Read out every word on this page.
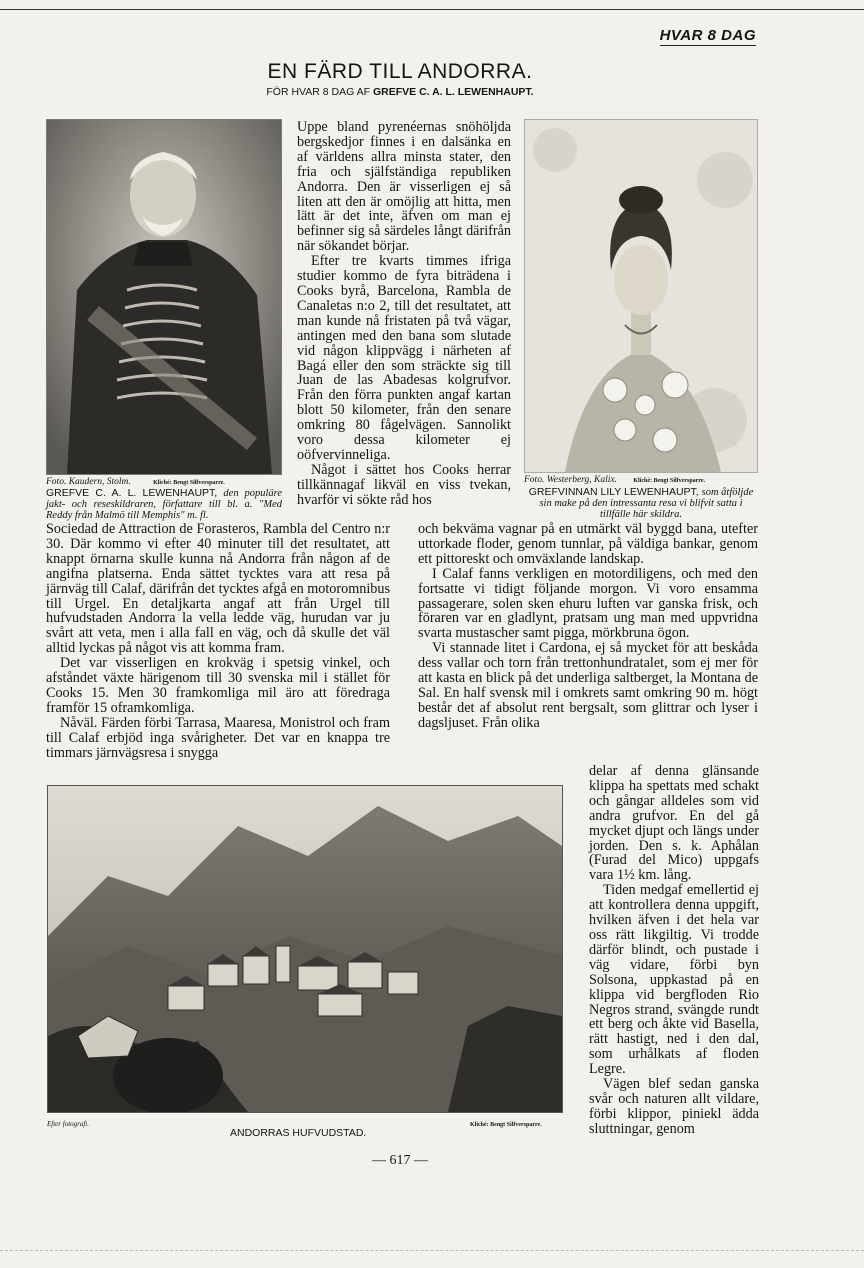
HVAR 8 DAG
EN FÄRD TILL ANDORRA.
FÖR HVAR 8 DAG AF GREFVE C. A. L. LEWENHAUPT.
Foto. Kaudern, Stolm.	Kliché: Bengt Silfversparre.
GREFVE C. A. L. LEWENHAUPT, den populäre jakt- och reseskildraren, författare till bl. a. "Med Reddy från Malmö till Memphis" m. fl.
Foto. Westerberg, Kalix.	Kliché: Bengt Silfversparre.
GREFVINNAN LILY LEWENHAUPT, som åtföljde sin make på den intressanta resa vi blifvit satta i tillfälle här skildra.

Uppe bland pyrenéernas snöhöljda bergskedjor finnes i en dalsänka en af världens allra minsta stater, den fria och själfständiga republiken Andorra. Den är visserligen ej så liten att den är omöjlig att hitta, men lätt är det inte, äfven om man ej befinner sig så särdeles långt därifrån när sökandet börjar.

Efter tre kvarts timmes ifriga studier kommo de fyra biträdena i Cooks byrå, Barcelona, Rambla de Canaletas n:o 2, till det resultatet, att man kunde nå fristaten på två vägar, antingen med den bana som slutade vid någon klippvägg i närheten af Bagá eller den som sträckte sig till Juan de las Abadesas kolgrufvor. Från den förra punkten angaf kartan blott 50 kilometer, från den senare omkring 80 fågelvägen. Sannolikt voro dessa kilometer ej oöfvervinneliga.

Något i sättet hos Cooks herrar tillkännagaf likväl en viss tvekan, hvarför vi sökte råd hos

Sociedad de Attraction de Forasteros, Rambla del Centro n:r 30. Där kommo vi efter 40 minuter till det resultatet, att knappt örnarna skulle kunna nå Andorra från någon af de angifna platserna. Enda sättet tycktes vara att resa på järnväg till Calaf, därifrån det tycktes afgå en motoromnibus till Urgel. En detaljkarta angaf att från Urgel till hufvudstaden Andorra la vella ledde väg, hurudan var ju svårt att veta, men i alla fall en väg, och då skulle det väl alltid lyckas på något vis att komma fram.

Det var visserligen en krokväg i spetsig vinkel, och afståndet växte härigenom till 30 svenska mil i stället för Cooks 15. Men 30 framkomliga mil äro att föredraga framför 15 oframkomliga.

Nåväl. Färden förbi Tarrasa, Maaresa, Monistrol och fram till Calaf erbjöd inga svårigheter. Det var en knappa tre timmars järnvägsresa i snygga

och bekväma vagnar på en utmärkt väl byggd bana, utefter uttorkade floder, genom tunnlar, på väldiga bankar, genom ett pittoreskt och omväxlande landskap.

I Calaf fanns verkligen en motordiligens, och med den fortsatte vi tidigt följande morgon. Vi voro ensamma passagerare, solen sken ehuru luften var ganska frisk, och föraren var en gladlynt, pratsam ung man med uppvridna svarta mustascher samt pigga, mörkbruna ögon.

Vi stannade litet i Cardona, ej så mycket för att beskåda dess vallar och torn från trettonhundratalet, som ej mer för att kasta en blick på det underliga saltberget, la Montana de Sal. En half svensk mil i omkrets samt omkring 90 m. högt består det af absolut rent bergsalt, som glittrar och lyser i dagsljuset. Från olika

delar af denna glänsande klippa ha spettats med schakt och gångar alldeles som vid andra grufvor. En del gå mycket djupt och längs under jorden. Den s. k. Aphålan (Furad del Mico) uppgafs vara 1½ km. lång.

Tiden medgaf emellertid ej att kontrollera denna uppgift, hvilken äfven i det hela var oss rätt likgiltig. Vi trodde därför blindt, och pustade i väg vidare, förbi byn Solsona, uppkastad på en klippa vid bergfloden Rio Negros strand, svängde rundt ett berg och åkte vid Basella, rätt hastigt, ned i den dal, som urhålkats af floden Legre.

Vägen blef sedan ganska svår och naturen allt vildare, förbi klippor, piniekl ädda sluttningar, genom

Efter fotografi.	Kliché: Bengt Silfversparre.
ANDORRAS HUFVUDSTAD.
— 617 —
